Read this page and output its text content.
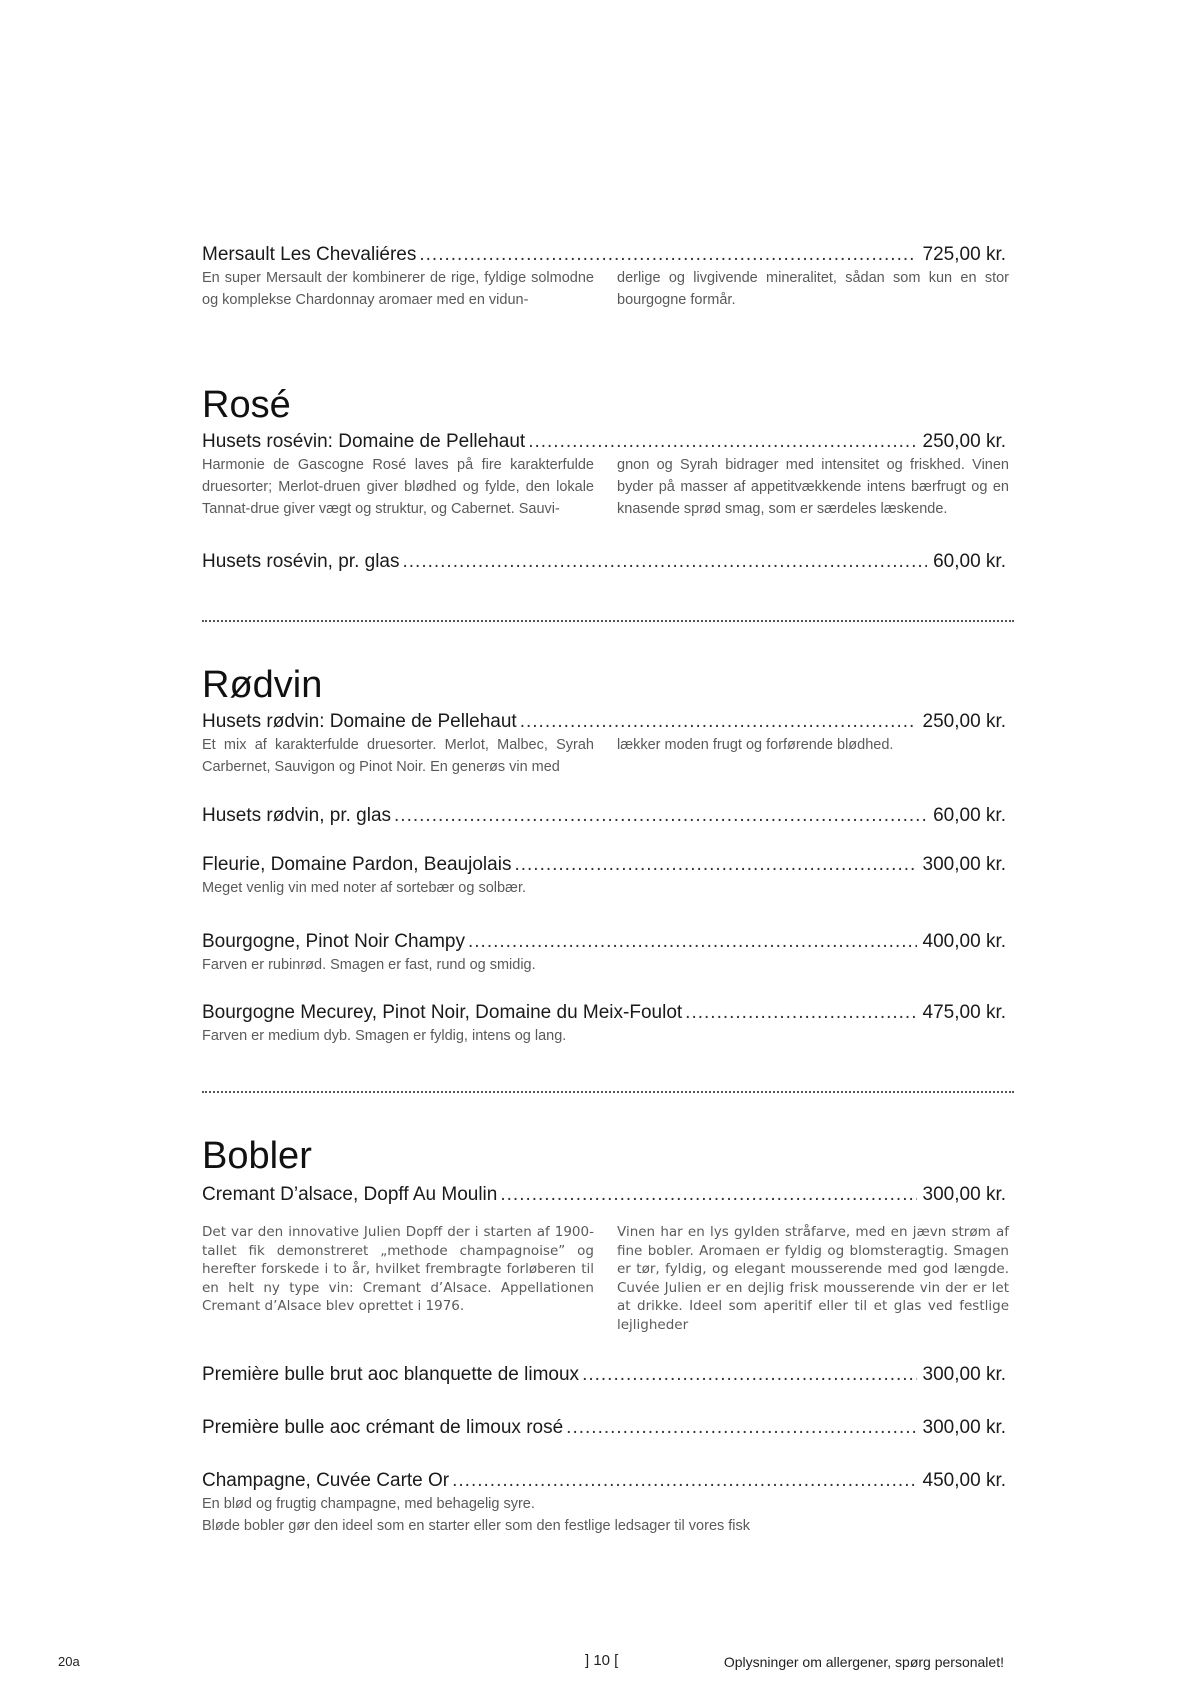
Mersault Les Chevaliéres .....	725,00 kr.
En super Mersault der kombinerer de rige, fyldige solmodne og komplekse Chardonnay aromaer med en vidun-
derlige og livgivende mineralitet, sådan som kun en stor bourgogne formår.
Rosé
Husets rosévin: Domaine de Pellehaut .....	250,00 kr.
Harmonie de Gascogne Rosé laves på fire karakterfulde druesorter; Merlot-druen giver blødhed og fylde, den lokale Tannat-drue giver vægt og struktur, og Cabernet. Sauvi-
gnon og Syrah bidrager med intensitet og friskhed. Vinen byder på masser af appetitvækkende intens bærfrugt og en knasende sprød smag, som er særdeles læskende.
Husets rosévin, pr. glas .....	60,00 kr.
Rødvin
Husets rødvin: Domaine de Pellehaut .....	250,00 kr.
Et mix af karakterfulde druesorter. Merlot, Malbec, Syrah Carbernet, Sauvigon og Pinot Noir. En generøs vin med
lækker moden frugt og forførende blødhed.
Husets rødvin, pr. glas .....	60,00 kr.
Fleurie, Domaine Pardon, Beaujolais .....	300,00 kr.
Meget venlig vin med noter af sortebær og solbær.
Bourgogne, Pinot Noir Champy .....	400,00 kr.
Farven er rubinrød. Smagen er fast, rund og smidig.
Bourgogne Mecurey, Pinot Noir, Domaine du Meix-Foulot .....	475,00 kr.
Farven er medium dyb. Smagen er fyldig, intens og lang.
Bobler
Cremant D’alsace, Dopff Au Moulin .....	300,00 kr.
Det var den innovative Julien Dopff der i starten af 1900-tallet fik demonstreret „methode champagnoise” og herefter forskede i to år, hvilket frembragte forløberen til en helt ny type vin: Cremant d’Alsace. Appellationen Cremant d’Alsace blev oprettet i 1976.
Vinen har en lys gylden stråfarve, med en jævn strøm af fine bobler. Aromaen er fyldig og blomsteragtig. Smagen er tør, fyldig, og elegant mousserende med god længde. Cuvée Julien er en dejlig frisk mousserende vin der er let at drikke. Ideel som aperitif eller til et glas ved festlige lejligheder
Première bulle brut aoc blanquette de limoux .....	300,00 kr.
Première bulle aoc crémant de limoux rosé .....	300,00 kr.
Champagne, Cuvée Carte Or .....	450,00 kr.
En blød og frugtig champagne, med behagelig syre.
Bløde bobler gør den ideel som en starter eller som den festlige ledsager til vores fisk
20a	] 10 [	Oplysninger om allergener, spørg personalet!
